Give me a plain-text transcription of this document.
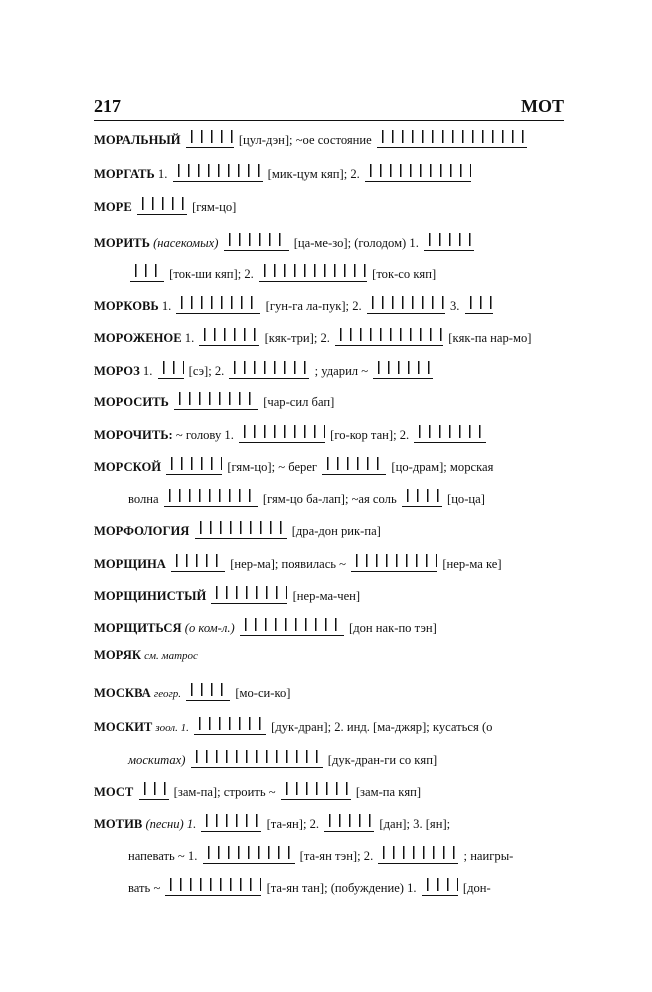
217	МОТ
МОРАЛЬНЫЙ	[цул-дэн]; ~ое состояние
МОРГАТЬ 1.	[мик-цум кяп]; 2.
МОРЕ	[гям-цо]
МОРИТЬ (насекомых)	[ца-ме-зо]; (голодом) 1.
[ток-ши кяп]; 2.	[ток-со кяп]
МОРКОВЬ 1.	[гун-га ла-пук]; 2.	3.
МОРОЖЕНОЕ 1.	[кяк-три]; 2.	[кяк-па нар-мо]
МОРОЗ 1.	[сэ]; 2.	; ударил ~
МОРОСИТЬ	[чар-сил бап]
МОРОЧИТЬ: ~ голову 1.	[го-кор тан]; 2.
МОРСКОЙ	[гям-цо]; ~ берег	[цо-драм]; морская
волна	[гям-цо ба-лап]; ~ая соль	[цо-ца]
МОРФОЛОГИЯ	[дра-дон рик-па]
МОРЩИНА	[нер-ма]; появилась ~	[нер-ма ке]
МОРЩИНИСТЫЙ	[нер-ма-чен]
МОРЩИТЬСЯ (о ком-л.)	[дон нак-по тэн]
МОРЯК см. матрос
МОСКВА геогр.	[мо-си-ко]
МОСКИТ зоол. 1.	[дук-дран]; 2. инд. [ма-джяр]; кусаться (о
москитах)	[дук-дран-ги со кяп]
МОСТ	[зам-па]; строить ~	[зам-па кяп]
МОТИВ (песни) 1.	[та-ян]; 2.	[дан]; 3. [ян];
напевать ~ 1.	[та-ян тэн]; 2.	; наигры-
вать ~	[та-ян тан]; (побуждение) 1.	[дон-
